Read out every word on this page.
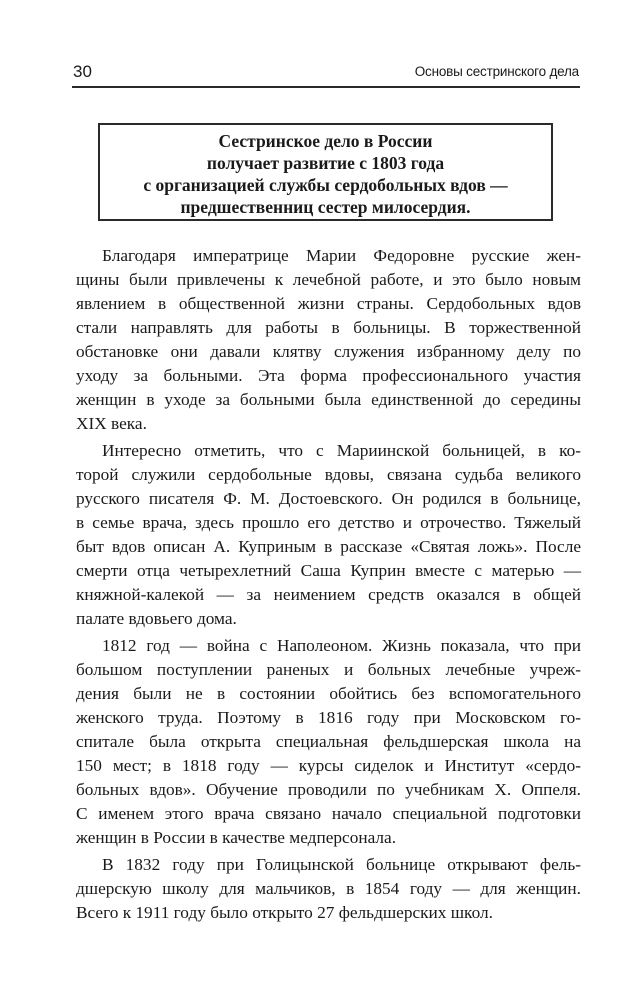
30	Основы сестринского дела
Сестринское дело в России
получает развитие с 1803 года
с организацией службы сердобольных вдов —
предшественниц сестер милосердия.
Благодаря императрице Марии Федоровне русские жен-
щины были привлечены к лечебной работе, и это было новым
явлением в общественной жизни страны. Сердобольных вдов
стали направлять для работы в больницы. В торжественной
обстановке они давали клятву служения избранному делу по
уходу за больными. Эта форма профессионального участия
женщин в уходе за больными была единственной до середины
XIX века.
Интересно отметить, что с Мариинской больницей, в ко-
торой служили сердобольные вдовы, связана судьба великого
русского писателя Ф. М. Достоевского. Он родился в больнице,
в семье врача, здесь прошло его детство и отрочество. Тяжелый
быт вдов описан А. Куприным в рассказе «Святая ложь». После
смерти отца четырехлетний Саша Куприн вместе с матерью —
княжной-калекой — за неимением средств оказался в общей
палате вдовьего дома.
1812 год — война с Наполеоном. Жизнь показала, что при
большом поступлении раненых и больных лечебные учреж-
дения были не в состоянии обойтись без вспомогательного
женского труда. Поэтому в 1816 году при Московском го-
спитале была открыта специальная фельдшерская школа на
150 мест; в 1818 году — курсы сиделок и Институт «сердо-
больных вдов». Обучение проводили по учебникам Х. Оппеля.
С именем этого врача связано начало специальной подготовки
женщин в России в качестве медперсонала.
В 1832 году при Голицынской больнице открывают фель-
дшерскую школу для мальчиков, в 1854 году — для женщин.
Всего к 1911 году было открыто 27 фельдшерских школ.
